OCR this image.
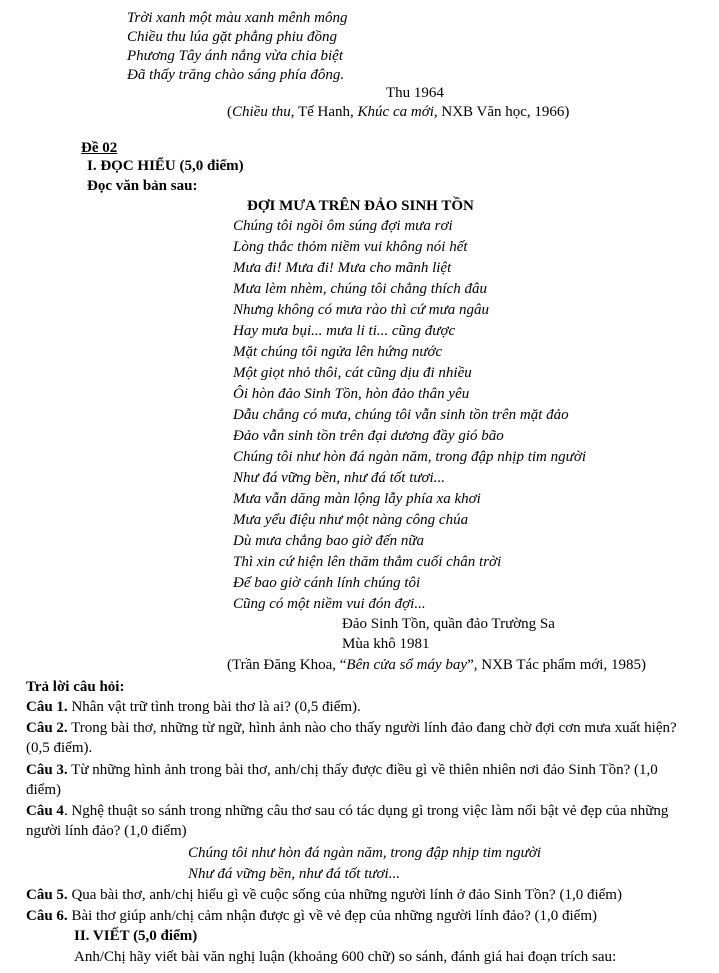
Trời xanh một màu xanh mênh mông
Chiều thu lúa gặt phẳng phiu đồng
Phương Tây ánh nắng vừa chia biệt
Đã thấy trăng chào sáng phía đông.
Thu 1964
(Chiều thu, Tế Hanh, Khúc ca mới, NXB Văn học, 1966)
Đề 02
I. ĐỌC HIỂU (5,0 điểm)
Đọc văn bản sau:
ĐỢI MƯA TRÊN ĐẢO SINH TỒN
Chúng tôi ngồi ôm súng đợi mưa rơi
Lòng thắc thỏm niềm vui không nói hết
Mưa đi! Mưa đi! Mưa cho mãnh liệt
Mưa lèm nhèm, chúng tôi chẳng thích đâu
Nhưng không có mưa rào thì cứ mưa ngâu
Hay mưa bụi... mưa li ti... cũng được
Mặt chúng tôi ngửa lên hứng nước
Một giọt nhỏ thôi, cát cũng dịu đi nhiều
Ôi hòn đảo Sinh Tồn, hòn đảo thân yêu
Dẫu chẳng có mưa, chúng tôi vẫn sinh tồn trên mặt đảo
Đảo vẫn sinh tồn trên đại dương đầy gió bão
Chúng tôi như hòn đá ngàn năm, trong đập nhịp tim người
Như đá vững bền, như đá tốt tươi...
Mưa vẫn dăng màn lộng lẫy phía xa khơi
Mưa yểu điệu như một nàng công chúa
Dù mưa chẳng bao giờ đến nữa
Thì xin cứ hiện lên thăm thẳm cuối chân trời
Để bao giờ cánh lính chúng tôi
Cũng có một niềm vui đón đợi...
Đảo Sinh Tồn, quần đảo Trường Sa
Mùa khô 1981
(Trần Đăng Khoa, “Bên cửa sổ máy bay”, NXB Tác phẩm mới, 1985)
Trả lời câu hỏi:
Câu 1. Nhân vật trữ tình trong bài thơ là ai? (0,5 điểm).
Câu 2. Trong bài thơ, những từ ngữ, hình ảnh nào cho thấy người lính đảo đang chờ đợi cơn mưa xuất hiện? (0,5 điểm).
Câu 3. Từ những hình ảnh trong bài thơ, anh/chị thấy được điều gì về thiên nhiên nơi đảo Sinh Tồn? (1,0 điểm)
Câu 4. Nghệ thuật so sánh trong những câu thơ sau có tác dụng gì trong việc làm nổi bật vẻ đẹp của những người lính đảo? (1,0 điểm)
Chúng tôi như hòn đá ngàn năm, trong đập nhịp tim người
Như đá vững bền, như đá tốt tươi...
Câu 5. Qua bài thơ, anh/chị hiểu gì về cuộc sống của những người lính ở đảo Sinh Tồn? (1,0 điểm)
Câu 6. Bài thơ giúp anh/chị cảm nhận được gì về vẻ đẹp của những người lính đảo? (1,0 điểm)
II. VIẾT (5,0 điểm)
Anh/Chị hãy viết bài văn nghị luận (khoảng 600 chữ) so sánh, đánh giá hai đoạn trích sau:
